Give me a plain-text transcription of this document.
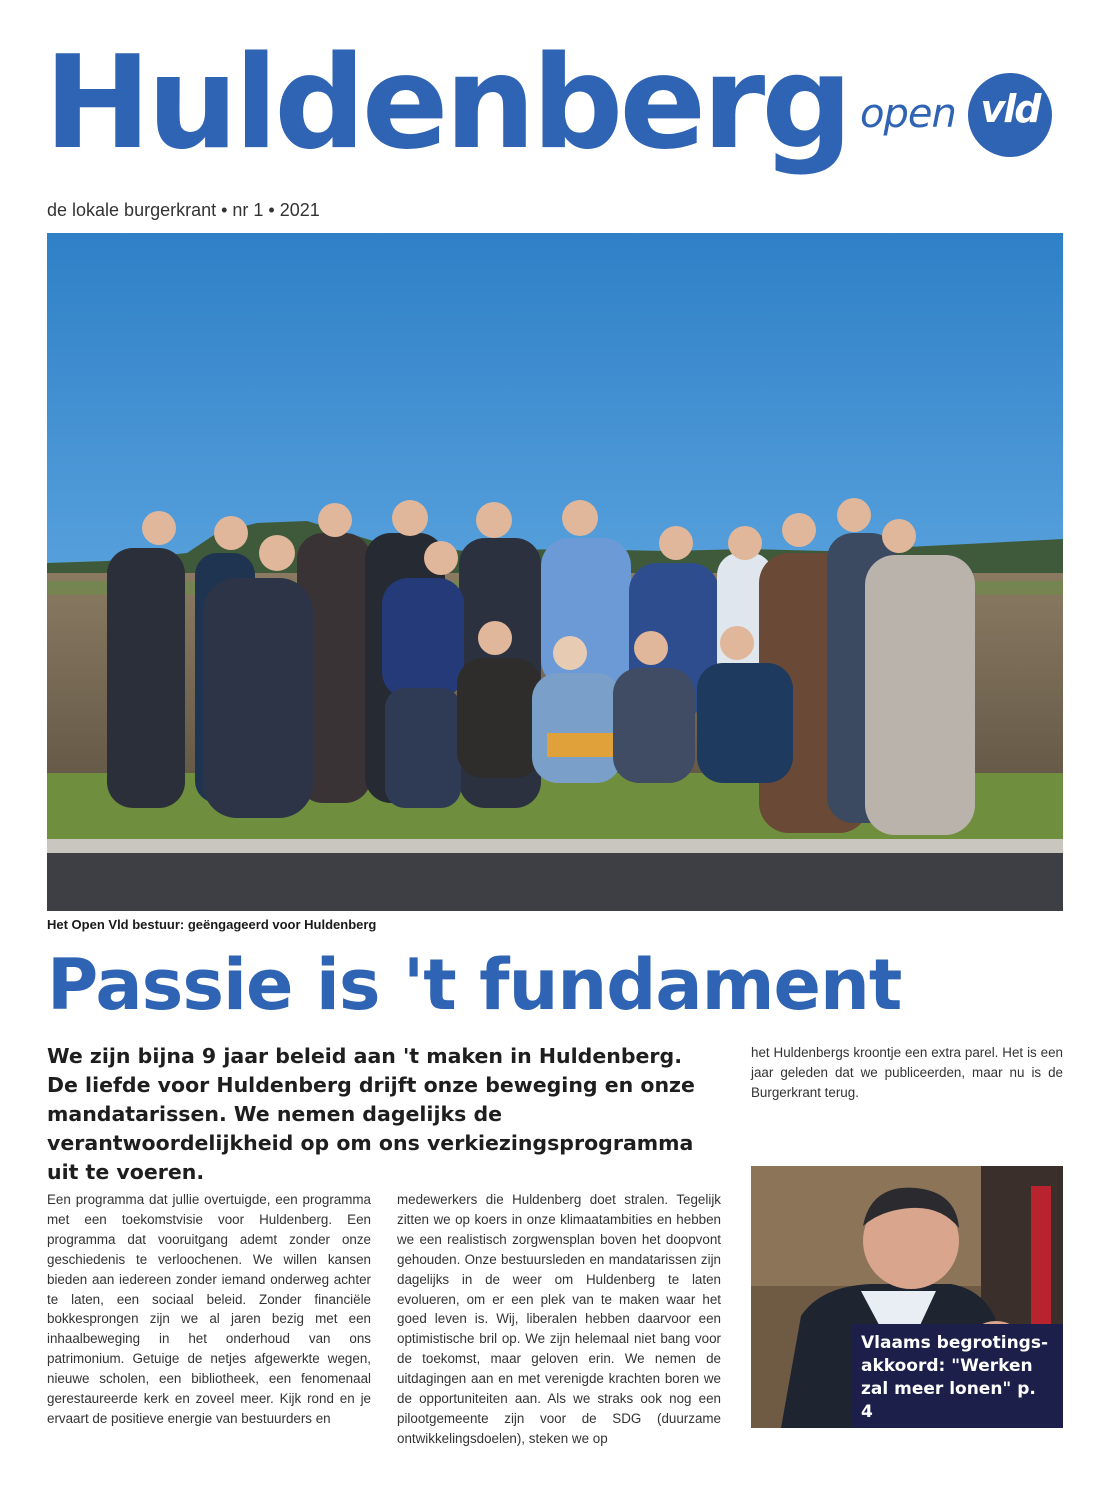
Huldenberg
de lokale burgerkrant • nr 1 • 2021
open vld
Het Open Vld bestuur: geëngageerd voor Huldenberg
Passie is 't fundament

We zijn bijna 9 jaar beleid aan 't maken in Huldenberg.

De liefde voor Huldenberg drijft onze beweging en onze mandatarissen. We nemen dagelijks de verantwoordelijkheid op om ons verkiezingsprogramma uit te voeren.

Een programma dat jullie overtuigde, een programma met een toekomstvisie voor Huldenberg. Een programma dat vooruitgang ademt zonder onze geschiedenis te verloochenen. We willen kansen bieden aan iedereen zonder iemand onderweg achter te laten, een sociaal beleid. Zonder financiële bokkesprongen zijn we al jaren bezig met een inhaalbeweging in het onderhoud van ons patrimonium. Getuige de netjes afgewerkte wegen, nieuwe scholen, een bibliotheek, een fenomenaal gerestaureerde kerk en zoveel meer. Kijk rond en je ervaart de positieve energie van bestuurders en

medewerkers die Huldenberg doet stralen. Tegelijk zitten we op koers in onze klimaatambities en hebben we een realistisch zorgwensplan boven het doopvont gehouden. Onze bestuursleden en mandatarissen zijn dagelijks in de weer om Huldenberg te laten evolueren, om er een plek van te maken waar het goed leven is. Wij, liberalen hebben daarvoor een optimistische bril op. We zijn helemaal niet bang voor de toekomst, maar geloven erin. We nemen de uitdagingen aan en met verenigde krachten boren we de opportuniteiten aan. Als we straks ook nog een pilootgemeente zijn voor de SDG (duurzame ontwikkelingsdoelen), steken we op

het Huldenbergs kroontje een extra parel. Het is een jaar geleden dat we publiceerden, maar nu is de Burgerkrant terug.

Vlaams begrotings-akkoord: "Werken zal meer lonen" p. 4
